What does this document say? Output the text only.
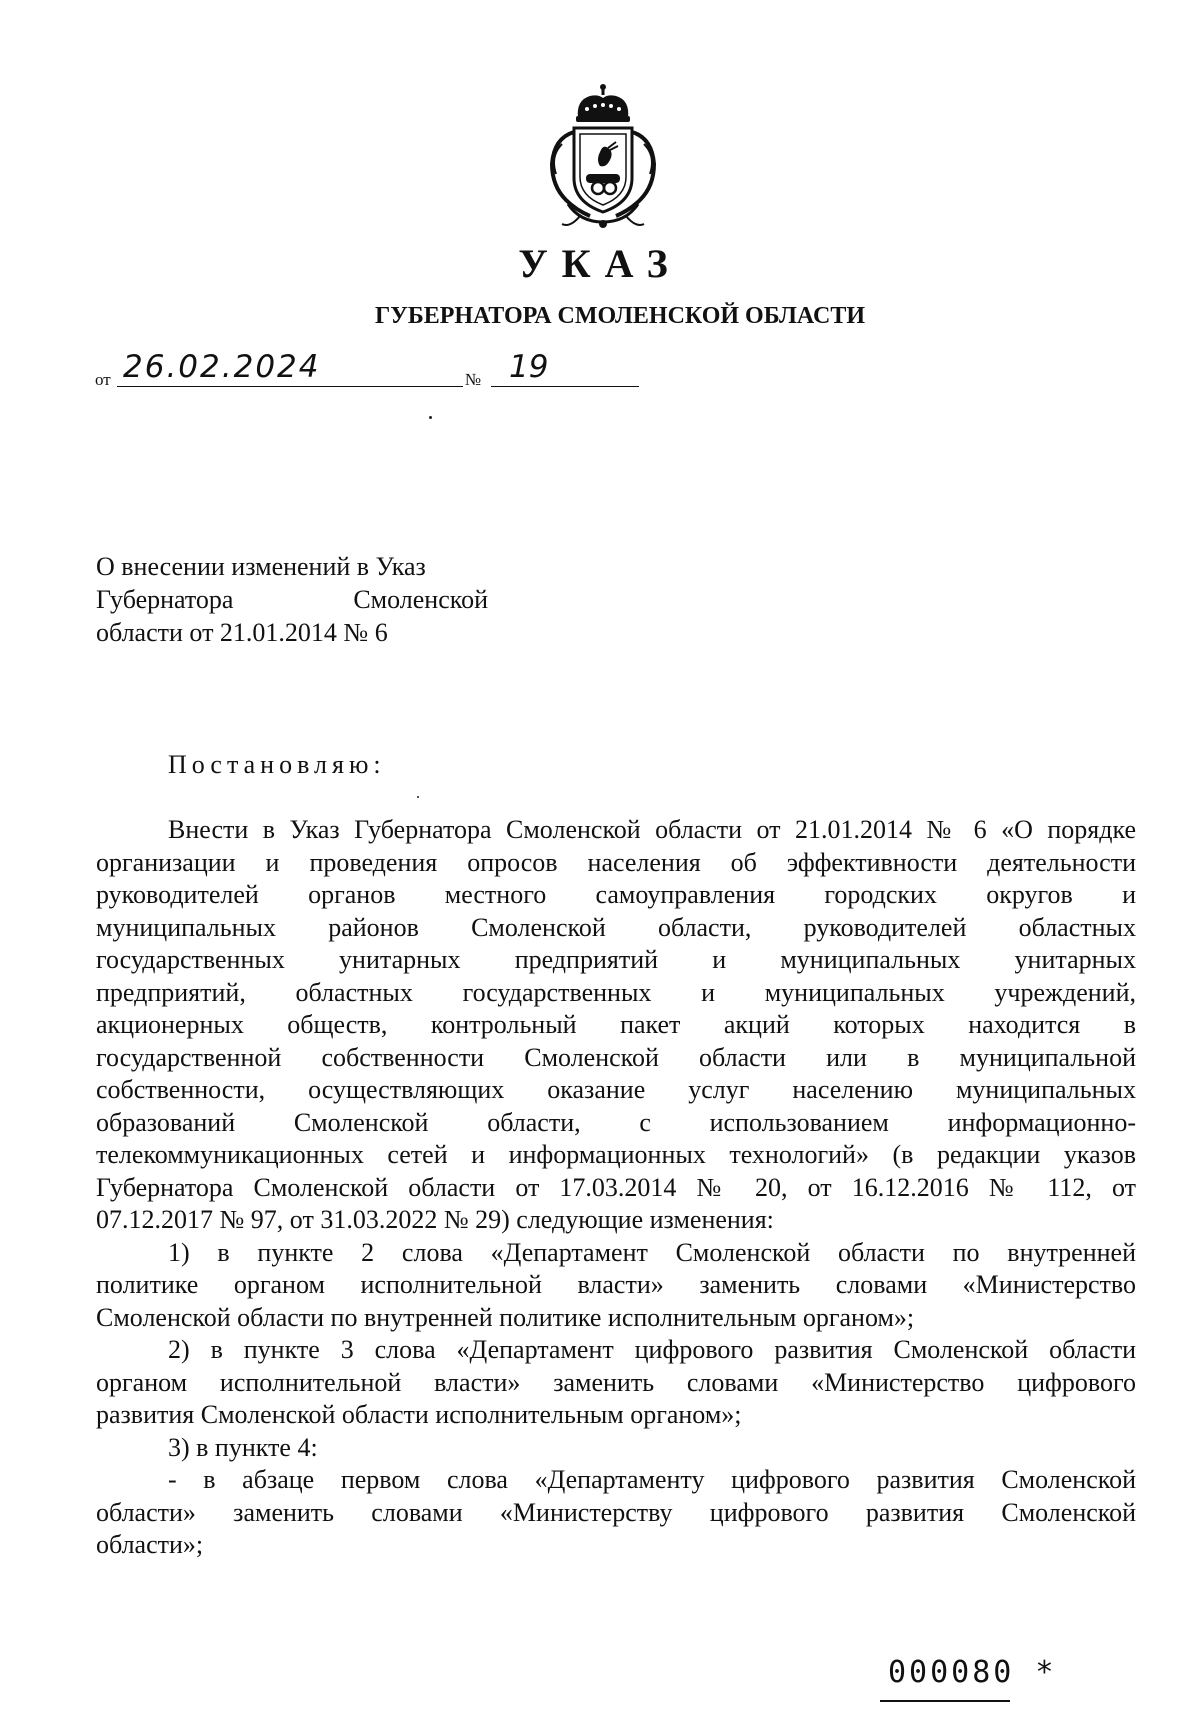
УКАЗ
ГУБЕРНАТОРА СМОЛЕНСКОЙ ОБЛАСТИ
от 26.02.2024	№ 19
О внесении изменений в Указ
Губернатора	Смоленской
области от 21.01.2014 № 6
Постановляю:

Внести в Указ Губернатора Смоленской области от 21.01.2014 № 6 «О порядке

организации и проведения опросов населения об эффективности деятельности

руководителей органов местного самоуправления городских округов и

муниципальных районов Смоленской области, руководителей областных

государственных унитарных предприятий и муниципальных унитарных

предприятий, областных государственных и муниципальных учреждений,

акционерных обществ, контрольный пакет акций которых находится в

государственной собственности Смоленской области или в муниципальной

собственности, осуществляющих оказание услуг населению муниципальных

образований Смоленской области, с использованием информационно-

телекоммуникационных сетей и информационных технологий» (в редакции указов

Губернатора Смоленской области от 17.03.2014 № 20, от 16.12.2016 № 112, от

07.12.2017 № 97, от 31.03.2022 № 29) следующие изменения:

1) в пункте 2 слова «Департамент Смоленской области по внутренней

политике органом исполнительной власти» заменить словами «Министерство

Смоленской области по внутренней политике исполнительным органом»;

2) в пункте 3 слова «Департамент цифрового развития Смоленской области

органом исполнительной власти» заменить словами «Министерство цифрового

развития Смоленской области исполнительным органом»;

3) в пункте 4:

- в абзаце первом слова «Департаменту цифрового развития Смоленской

области» заменить словами «Министерству цифрового развития Смоленской

области»;

000080 *
